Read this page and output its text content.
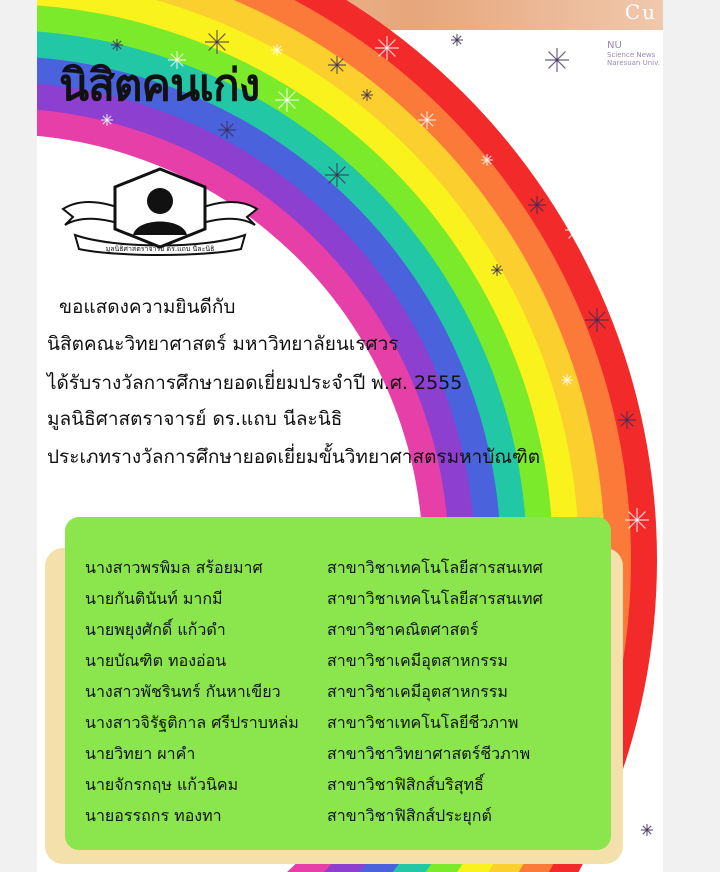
Cu
NU
Science News
Naresuan Univ.
นิสิตคนเก่ง
มูลนิธิศาสตราจารย์ ดร.แถบ นีละนิธิ
ขอแสดงความยินดีกับ
นิสิตคณะวิทยาศาสตร์ มหาวิทยาลัยนเรศวร
ได้รับรางวัลการศึกษายอดเยี่ยมประจำปี พ.ศ. 2555
มูลนิธิศาสตราจารย์ ดร.แถบ นีละนิธิ
ประเภทรางวัลการศึกษายอดเยี่ยมขั้นวิทยาศาสตรมหาบัณฑิต
นางสาวพรพิมล สร้อยมาศ	สาขาวิชาเทคโนโลยีสารสนเทศ
นายกันตินันท์ มากมี	สาขาวิชาเทคโนโลยีสารสนเทศ
นายพยุงศักดิ์ แก้วดำ	สาขาวิชาคณิตศาสตร์
นายบัณฑิต ทองอ่อน	สาขาวิชาเคมีอุตสาหกรรม
นางสาวพัชรินทร์ กันหาเขียว	สาขาวิชาเคมีอุตสาหกรรม
นางสาวจิรัฐติกาล ศรีปราบหล่ม สาขาวิชาเทคโนโลยีชีวภาพ
นายวิทยา ผาคำ	สาขาวิชาวิทยาศาสตร์ชีวภาพ
นายจักรกฤษ แก้วนิคม	สาขาวิชาฟิสิกส์บริสุทธิ์
นายอรรถกร ทองทา	สาขาวิชาฟิสิกส์ประยุกต์
